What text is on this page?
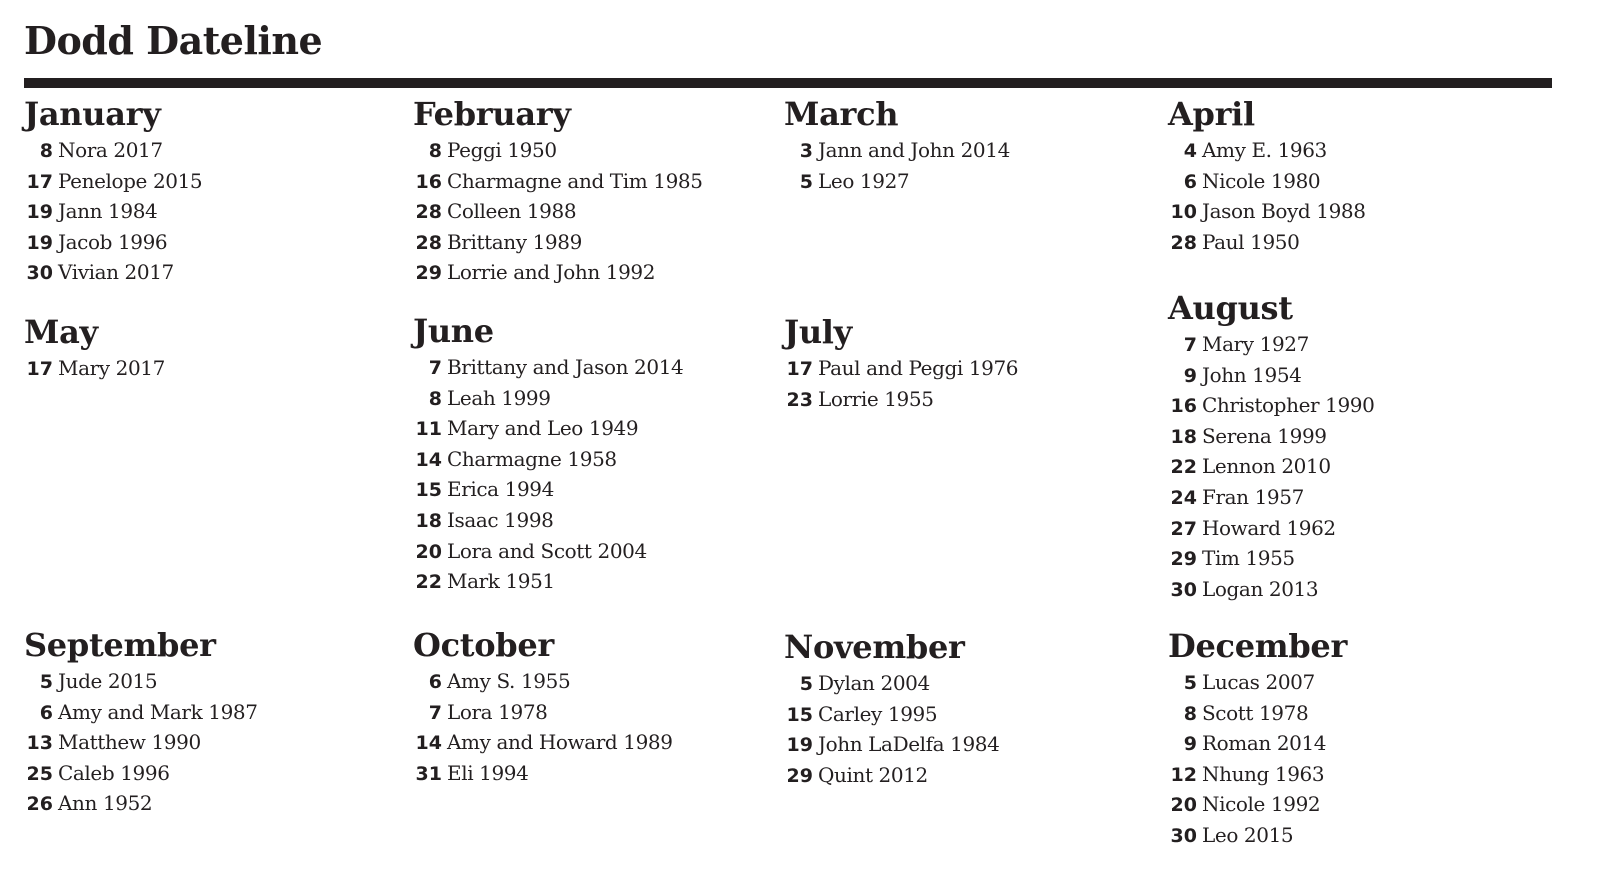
Dodd Dateline
January
8 Nora 2017
17 Penelope 2015
19 Jann 1984
19 Jacob 1996
30 Vivian 2017
February
8 Peggi 1950
16 Charmagne and Tim 1985
28 Colleen 1988
28 Brittany 1989
29 Lorrie and John 1992
March
3 Jann and John 2014
5 Leo 1927
April
4 Amy E. 1963
6 Nicole 1980
10 Jason Boyd 1988
28 Paul 1950
May
17 Mary 2017
June
7 Brittany and Jason 2014
8 Leah 1999
11 Mary and Leo 1949
14 Charmagne 1958
15 Erica 1994
18 Isaac 1998
20 Lora and Scott 2004
22 Mark 1951
July
17 Paul and Peggi 1976
23 Lorrie 1955
August
7 Mary 1927
9 John 1954
16 Christopher 1990
18 Serena 1999
22 Lennon 2010
24 Fran 1957
27 Howard 1962
29 Tim 1955
30 Logan 2013
September
5 Jude 2015
6 Amy and Mark 1987
13 Matthew 1990
25 Caleb 1996
26 Ann 1952
October
6 Amy S. 1955
7 Lora 1978
14 Amy and Howard 1989
31 Eli 1994
November
5 Dylan 2004
15 Carley 1995
19 John LaDelfa 1984
29 Quint 2012
December
5 Lucas 2007
8 Scott 1978
9 Roman 2014
12 Nhung 1963
20 Nicole 1992
30 Leo 2015
